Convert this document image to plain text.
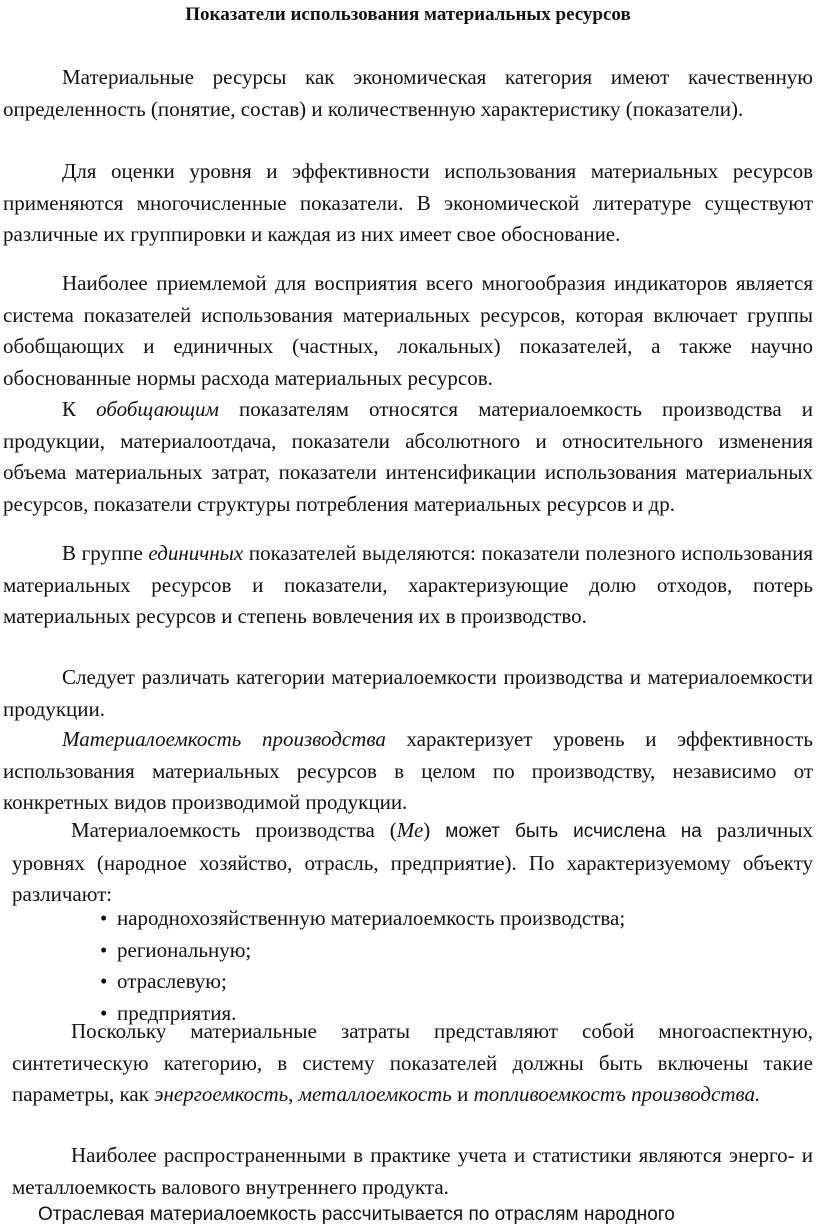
Показатели использования материальных ресурсов

Материальные ресурсы как экономическая категория имеют качественную определенность (понятие, состав) и количественную характеристику (показатели).

Для оценки уровня и эффективности использования материальных ресурсов применяются многочисленные показатели. В экономической литературе существуют различные их группировки и каждая из них имеет свое обоснование.

Наиболее приемлемой для восприятия всего многообразия индикаторов является система показателей использования материальных ресурсов, которая включает группы обобщающих и единичных (частных, локальных) показателей, а также научно обоснованные нормы расхода материальных ресурсов.

К обобщающим показателям относятся материалоемкость производства и продукции, материалоотдача, показатели абсолютного и относительного изменения объема материальных затрат, показатели интенсификации использования материальных ресурсов, показатели структуры потребления материальных ресурсов и др.

В группе единичных показателей выделяются: показатели полезного использования материальных ресурсов и показатели, характеризующие долю отходов, потерь материальных ресурсов и степень вовлечения их в производство.

Следует различать категории материалоемкости производства и материалоемкости продукции.

Материалоемкость производства характеризует уровень и эффективность использования материальных ресурсов в целом по производству, независимо от конкретных видов производимой продукции.

Материалоемкость производства (Ме) может быть исчислена на различных уровнях (народное хозяйство, отрасль, предприятие). По характеризуемому объекту различают:

• народнохозяйственную материалоемкость производства;
• региональную;
• отраслевую;
• предприятия.

Поскольку материальные затраты представляют собой многоаспектную, синтетическую категорию, в систему показателей должны быть включены такие параметры, как энергоемкость, металлоемкость и топливоемкостъ производства.

Наиболее распространенными в практике учета и статистики являются энерго- и металлоемкость валового внутреннего продукта.

Отраслевая материалоемкость рассчитывается по отраслям народного
